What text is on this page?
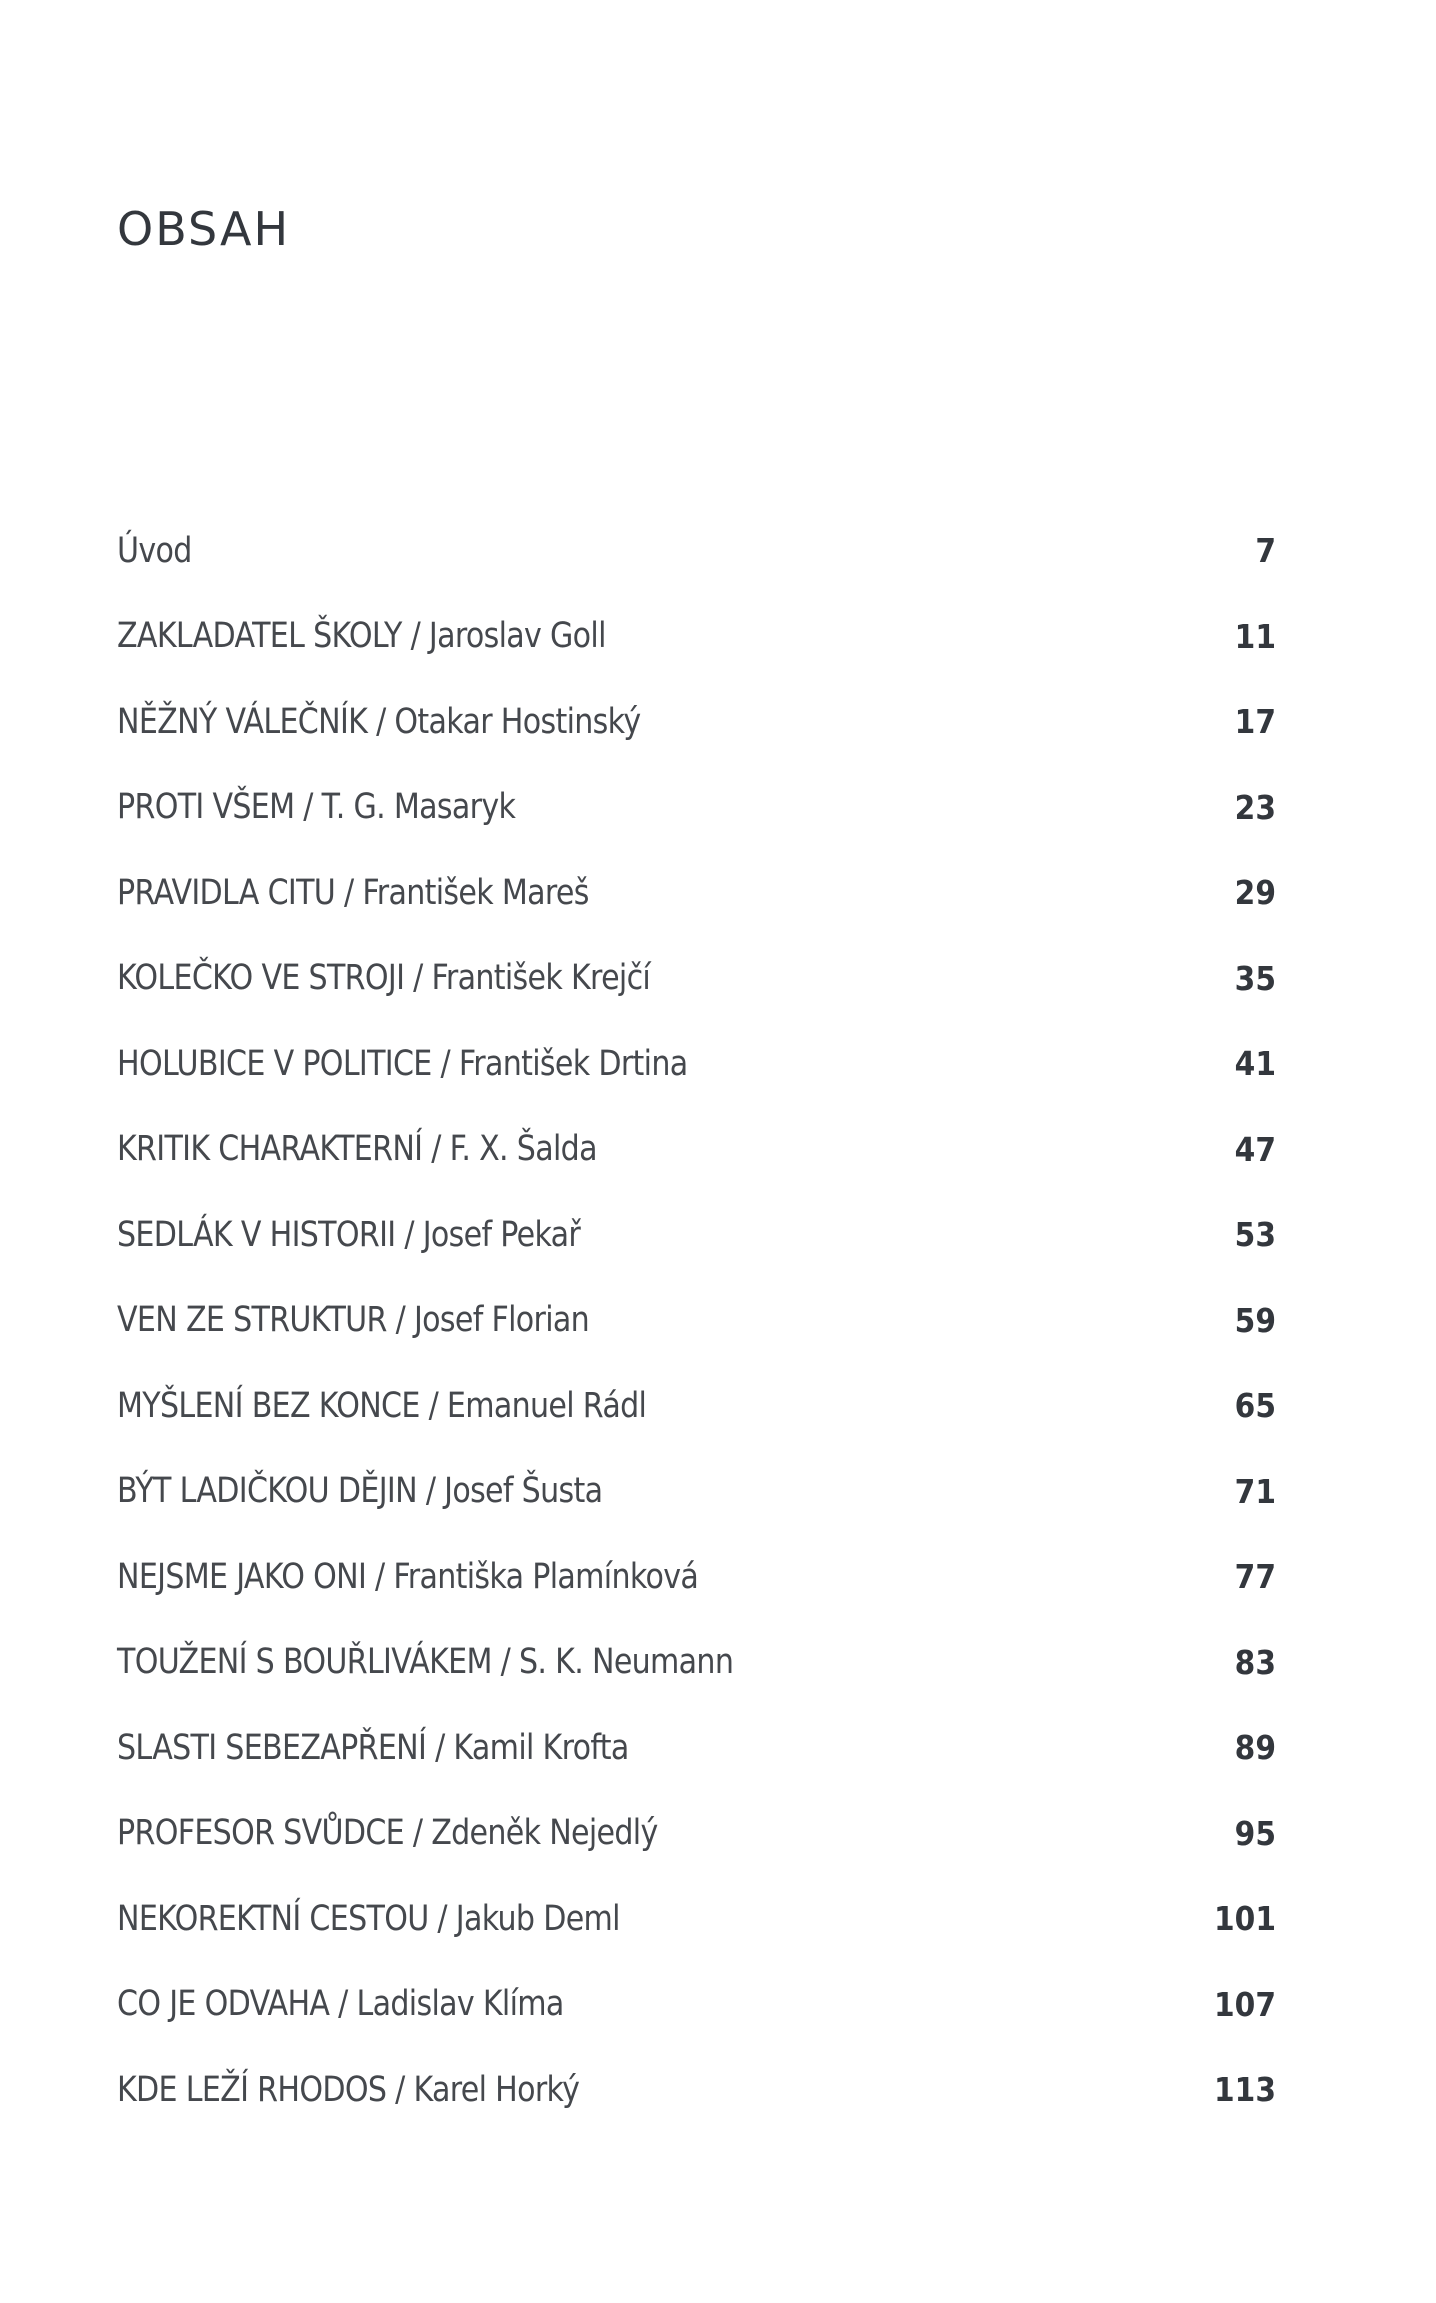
OBSAH
Úvod	7
ZAKLADATEL ŠKOLY / Jaroslav Goll	11
NĚŽNÝ VÁLEČNÍK / Otakar Hostinský	17
PROTI VŠEM / T. G. Masaryk	23
PRAVIDLA CITU / František Mareš	29
KOLEČKO VE STROJI / František Krejčí	35
HOLUBICE V POLITICE / František Drtina	41
KRITIK CHARAKTERNÍ / F. X. Šalda	47
SEDLÁK V HISTORII / Josef Pekař	53
VEN ZE STRUKTUR / Josef Florian	59
MYŠLENÍ BEZ KONCE / Emanuel Rádl	65
BÝT LADIČKOU DĚJIN / Josef Šusta	71
NEJSME JAKO ONI / Františka Plamínková	77
TOUŽENÍ S BOUŘLIVÁKEM / S. K. Neumann	83
SLASTI SEBEZAPŘENÍ / Kamil Krofta	89
PROFESOR SVŮDCE / Zdeněk Nejedlý	95
NEKOREKTNÍ CESTOU / Jakub Deml	101
CO JE ODVAHA / Ladislav Klíma	107
KDE LEŽÍ RHODOS / Karel Horký	113
